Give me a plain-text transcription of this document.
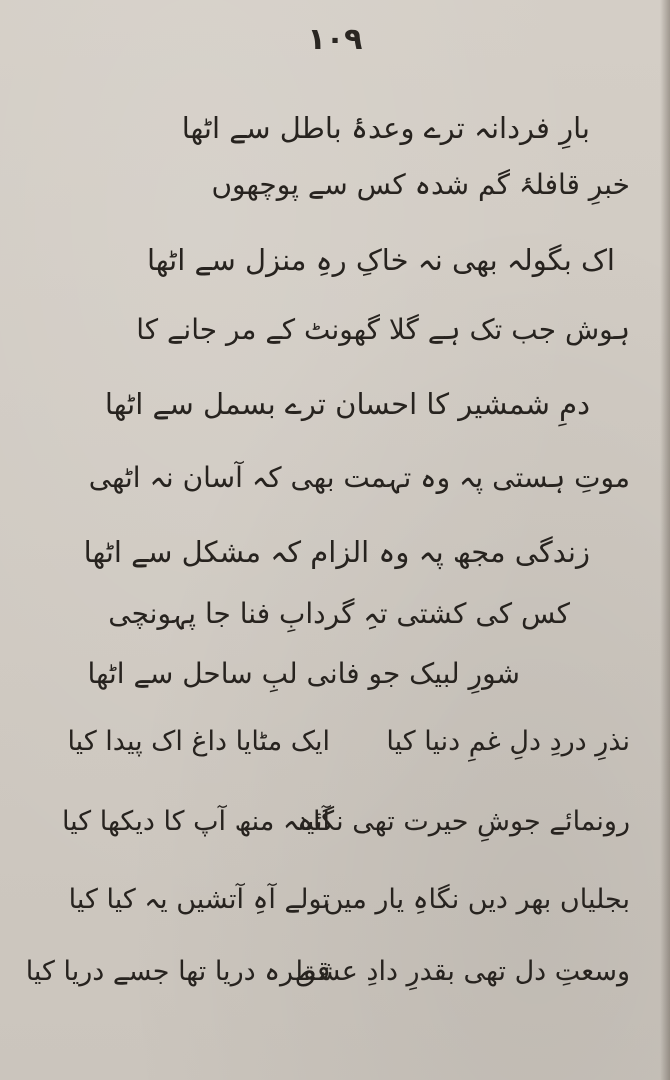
١٠٩
بارِ فردانہ ترے وعدۂ باطل سے اٹھا
خبرِ قافلۂ گم شدہ کس سے پوچھوں
اک بگولہ بھی نہ خاکِ رہِ منزل سے اٹھا
ہوش جب تک ہے گلا گھونٹ کے مر جانے کا
دمِ شمشیر کا احسان ترے بسمل سے اٹھا
موتِ ہستی پہ وہ تہمت بھی کہ آسان نہ اٹھی
زندگی مجھ پہ وہ الزام کہ مشکل سے اٹھا
کس کی کشتی تہِ گردابِ فنا جا پہونچی
شورِ لبیک جو فانی لبِ ساحل سے اٹھا
نذرِ دردِ دلِ غمِ دنیا کیا
ایک مٹایا داغ اک پیدا کیا
رونمائے جوشِ حیرت تھی نگاہ
آئینہ منھ آپ کا دیکھا کیا
بجلیاں بھر دیں نگاہِ یار میں
تولے آہِ آتشیں یہ کیا کیا
وسعتِ دل تھی بقدرِ دادِ عشق
قطرہ دریا تھا جسے دریا کیا
